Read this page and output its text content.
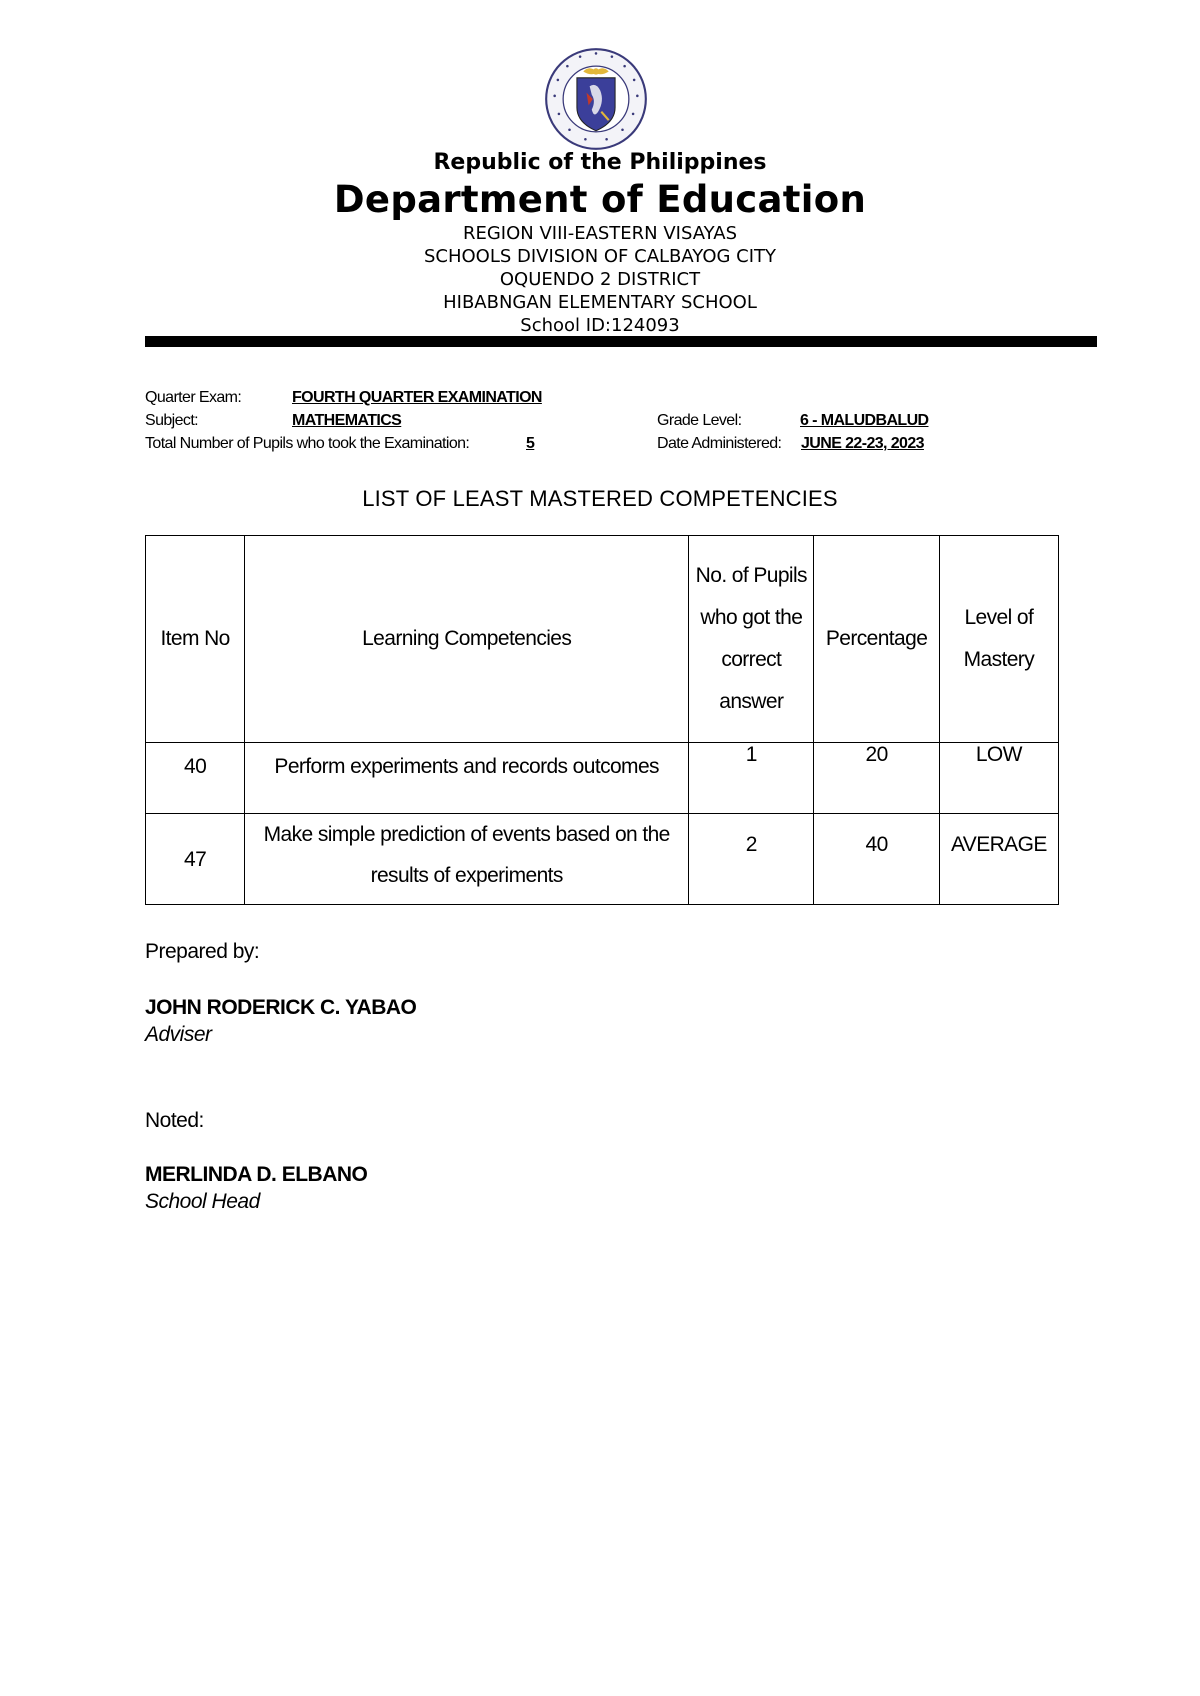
Republic of the Philippines
Department of Education
REGION VIII-EASTERN VISAYAS
SCHOOLS DIVISION OF CALBAYOG CITY
OQUENDO 2 DISTRICT
HIBABNGAN ELEMENTARY SCHOOL
School ID:124093
Quarter Exam:	FOURTH QUARTER EXAMINATION
Subject:	MATHEMATICS	Grade Level:	6 - MALUDBALUD
Total Number of Pupils who took the Examination:	5	Date Administered: JUNE 22-23, 2023
LIST OF LEAST MASTERED COMPETENCIES
Item No	Learning Competencies	No. of Pupils who got the correct answer	Percentage	Level of Mastery
40	Perform experiments and records outcomes	1	20	LOW
47	Make simple prediction of events based on the results of experiments	2	40	AVERAGE
Prepared by:
JOHN RODERICK C. YABAO
Adviser
Noted:
MERLINDA D. ELBANO
School Head
